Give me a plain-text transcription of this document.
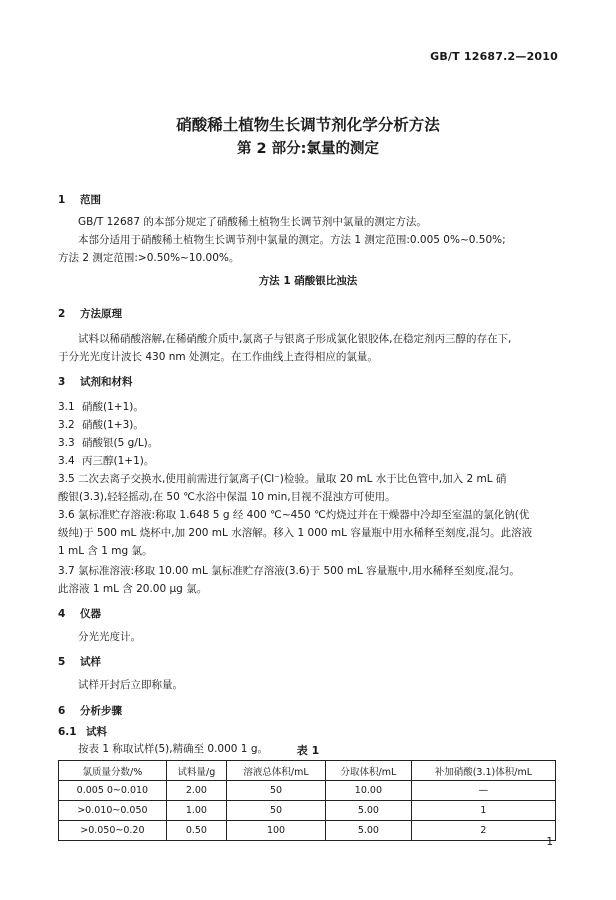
GB/T 12687.2—2010
硝酸稀土植物生长调节剂化学分析方法
第 2 部分:氯量的测定
1 范围
GB/T 12687 的本部分规定了硝酸稀土植物生长调节剂中氯量的测定方法。
本部分适用于硝酸稀土植物生长调节剂中氯量的测定。方法 1 测定范围:0.005 0%~0.50%;
方法 2 测定范围:>0.50%~10.00%。
方法 1 硝酸银比浊法
2 方法原理
试料以稀硝酸溶解,在稀硝酸介质中,氯离子与银离子形成氯化银胶体,在稳定剂丙三醇的存在下,
于分光光度计波长 430 nm 处测定。在工作曲线上查得相应的氯量。
3 试剂和材料
3.1 硝酸(1+1)。
3.2 硝酸(1+3)。
3.3 硝酸银(5 g/L)。
3.4 丙三醇(1+1)。
3.5 二次去离子交换水,使用前需进行氯离子(Cl⁻)检验。量取 20 mL 水于比色管中,加入 2 mL 硝
酸银(3.3),轻轻摇动,在 50 ℃水浴中保温 10 min,目视不混浊方可使用。
3.6 氯标准贮存溶液:称取 1.648 5 g 经 400 ℃~450 ℃灼烧过并在干燥器中冷却至室温的氯化钠(优
级纯)于 500 mL 烧杯中,加 200 mL 水溶解。移入 1 000 mL 容量瓶中用水稀释至刻度,混匀。此溶液
1 mL 含 1 mg 氯。
3.7 氯标准溶液:移取 10.00 mL 氯标准贮存溶液(3.6)于 500 mL 容量瓶中,用水稀释至刻度,混匀。
此溶液 1 mL 含 20.00 μg 氯。
4 仪器
分光光度计。
5 试样
试样开封后立即称量。
6 分析步骤
6.1 试料
按表 1 称取试样(5),精确至 0.000 1 g。	表 1
氯质量分数/%	试料量/g	溶液总体积/mL	分取体积/mL	补加硝酸(3.1)体积/mL
0.005 0~0.010	2.00	50	10.00	—
>0.010~0.050	1.00	50	5.00	1
>0.050~0.20	0.50	100	5.00	2
1
